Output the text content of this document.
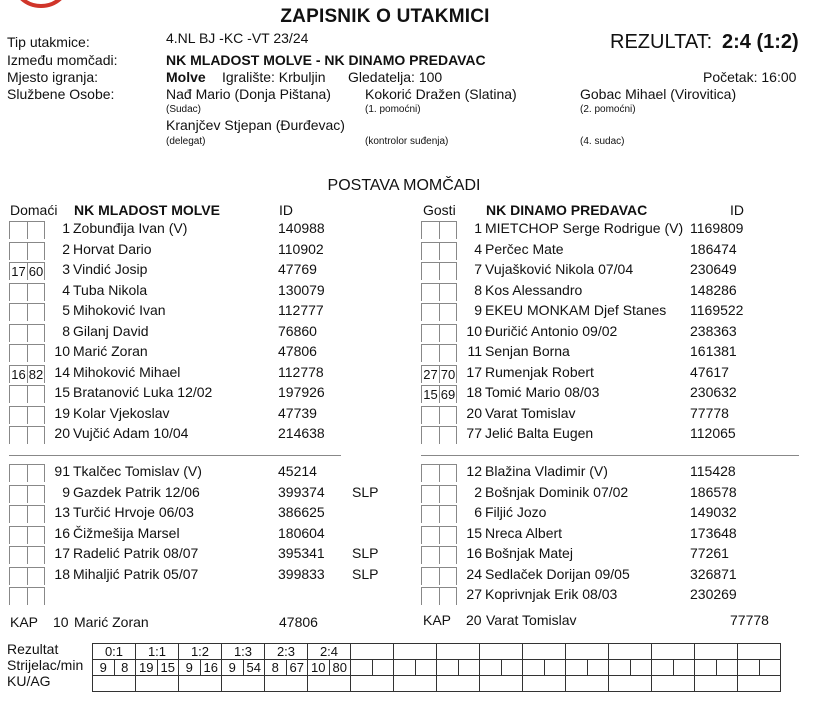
ZAPISNIK O UTAKMICI
REZULTAT: 2:4 (1:2)
Tip utakmice:	4.NL BJ -KC -VT 23/24
Između momčadi:	NK MLADOST MOLVE - NK DINAMO PREDAVAC
Mjesto igranja:	Molve Igralište: Krbuljin Gledatelja: 100	Početak: 16:00
Službene Osobe:	Nađ Mario (Donja Pištana)
(Sudac)
Kokorić Dražen (Slatina)
(1. pomoćni)
Gobac Mihael (Virovitica)
(2. pomoćni)
Kranjčev Stjepan (Đurđevac)
(delegat)	(kontrolor suđenja)	(4. sudac)
POSTAVA MOMČADI
Domaći NK MLADOST MOLVE	ID	Gosti NK DINAMO PREDAVAC	ID
1 Zobunđija Ivan (V)	140988
2 Horvat Dario	110902
17 60	3 Vindić Josip	47769
4 Tuba Nikola	130079
5 Mihoković Ivan	112777
8 Gilanj David	76860
10 Marić Zoran	47806
16 82 14 Mihoković Mihael	112778
15 Bratanović Luka 12/02	197926
19 Kolar Vjekoslav	47739
20 Vujčić Adam 10/04	214638
91 Tkalčec Tomislav (V)	45214
9 Gazdek Patrik 12/06	399374 SLP
13 Turčić Hrvoje 06/03	386625
16 Čižmešija Marsel	180604
17 Radelić Patrik 08/07	395341 SLP
18 Mihaljić Patrik 05/07	399833 SLP
1 MIETCHOP Serge Rodrigue (V) 1169809
4 Perčec Mate	186474
7 Vujašković Nikola 07/04	230649
8 Kos Alessandro	148286
9 EKEU MONKAM Djef Stanes 1169522
10 Đuričić Antonio 09/02	238363
11 Senjan Borna	161381
27 70 17 Rumenjak Robert	47617
15 69 18 Tomić Mario 08/03	230632
20 Varat Tomislav	77778
77 Jelić Balta Eugen	112065
12 Blažina Vladimir (V)	115428
2 Bošnjak Dominik 07/02	186578
6 Filjić Jozo	149032
15 Nreca Albert	173648
16 Bošnjak Matej	77261
24 Sedlaček Dorijan 09/05	326871
27 Koprivnjak Erik 08/03	230269
KAP 10 Marić Zoran	47806	KAP 20 Varat Tomislav	77778
Rezultat
Strijelac/min
KU/AG
0:1		1:1		1:2		1:3		2:3		2:4																					
9	8	19	15	9	16	9	54	8	67	10	80																				
